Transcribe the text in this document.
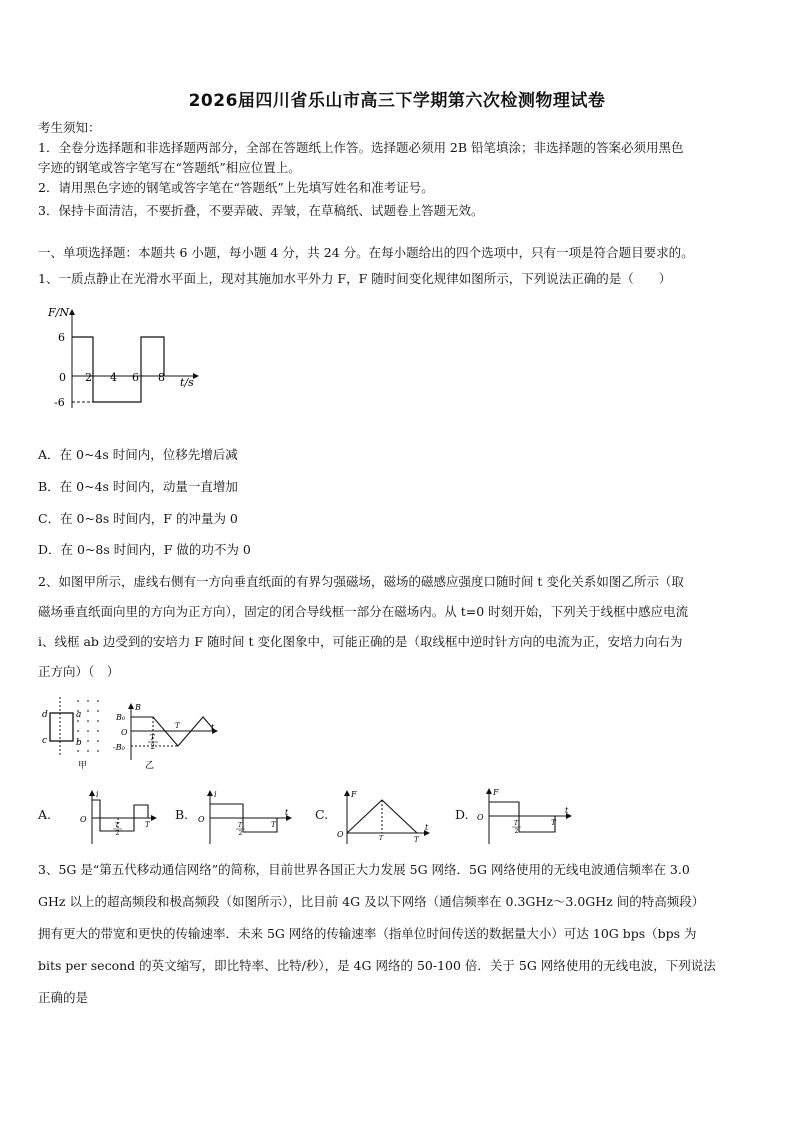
2026届四川省乐山市高三下学期第六次检测物理试卷
考生须知：
1．全卷分选择题和非选择题两部分，全部在答题纸上作答。选择题必须用 2B 铅笔填涂；非选择题的答案必须用黑色
字迹的钢笔或答字笔写在“答题纸”相应位置上。
2．请用黑色字迹的钢笔或答字笔在“答题纸”上先填写姓名和准考证号。
3．保持卡面清洁，不要折叠，不要弄破、弄皱，在草稿纸、试题卷上答题无效。
一、单项选择题：本题共 6 小题，每小题 4 分，共 24 分。在每小题给出的四个选项中，只有一项是符合题目要求的。
1、一质点静止在光滑水平面上，现对其施加水平外力 F，F 随时间变化规律如图所示，下列说法正确的是（　　）
F/N
6
0
-6
2 4 6 8 t/s
A．在 0~4s 时间内，位移先增后减
B．在 0~4s 时间内，动量一直增加
C．在 0~8s 时间内，F 的冲量为 0
D．在 0~8s 时间内，F 做的功不为 0
2、如图甲所示，虚线右侧有一方向垂直纸面的有界匀强磁场，磁场的磁感应强度口随时间 t 变化关系如图乙所示（取
磁场垂直纸面向里的方向为正方向），固定的闭合导线框一部分在磁场内。从 t=0 时刻开始，下列关于线框中感应电流
i、线框 ab 边受到的安培力 F 随时间 t 变化图象中，可能正确的是（取线框中逆时针方向的电流为正，安培力向右为
正方向）（　）
d	a
c	b
甲
B
B₀
O
-B₀
T
2
T	t
乙
A.
i
O
T
2
T
B.
i
O
T
2
T
t C.
F
O	T	T
t
D.
F
O
T
2
T
t
3、5G 是“第五代移动通信网络”的简称，目前世界各国正大力发展 5G 网络．5G 网络使用的无线电波通信频率在 3.0
GHz 以上的超高频段和极高频段（如图所示），比目前 4G 及以下网络（通信频率在 0.3GHz～3.0GHz 间的特高频段）
拥有更大的带宽和更快的传输速率．未来 5G 网络的传输速率（指单位时间传送的数据量大小）可达 10G bps（bps 为
bits per second 的英文缩写，即比特率、比特/秒），是 4G 网络的 50-100 倍．关于 5G 网络使用的无线电波，下列说法
正确的是
